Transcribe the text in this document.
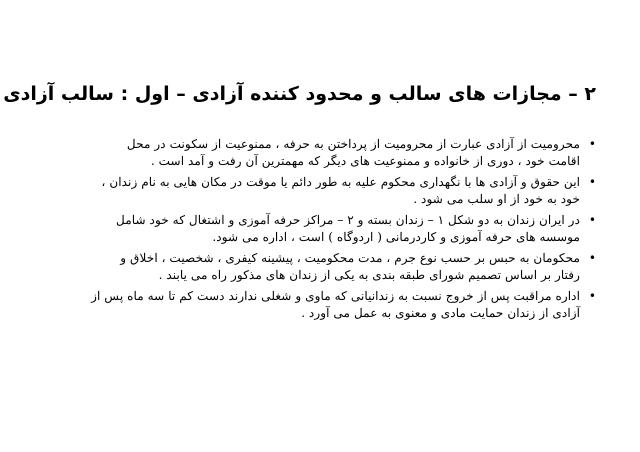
۲ – مجازات های سالب و محدود کننده آزادی – اول : سالب آزادی
•
محرومیت از آزادی عبارت از محرومیت از پرداختن به حرفه ، ممنوعیت از سکونت در محل
اقامت خود ، دوری از خانواده و ممنوعیت های دیگر که مهمترین آن رفت و آمد است .
•
این حقوق و آزادی ها با نگهداری محکوم علیه به طور دائم یا موقت در مکان هایی به نام زندان ،
خود به خود از او سلب می شود .
•
در ایران زندان به دو شکل ۱ – زندان بسته و ۲ – مراکز حرفه آموزی و اشتغال که خود شامل
موسسه های حرفه آموزی و کاردرمانی ( اردوگاه ) است ، اداره می شود.
•
محکومان به حبس بر حسب نوع جرم ، مدت محکومیت ، پیشینه کیفری ، شخصیت ، اخلاق و
رفتار بر اساس تصمیم شورای طبقه بندی به یکی از زندان های مذکور راه می یابند .
•
اداره مراقبت پس از خروج نسبت به زندانیانی که ماوی و شغلی ندارند دست کم تا سه ماه پس از
آزادی از زندان حمایت مادی و معنوی به عمل می آورد .
